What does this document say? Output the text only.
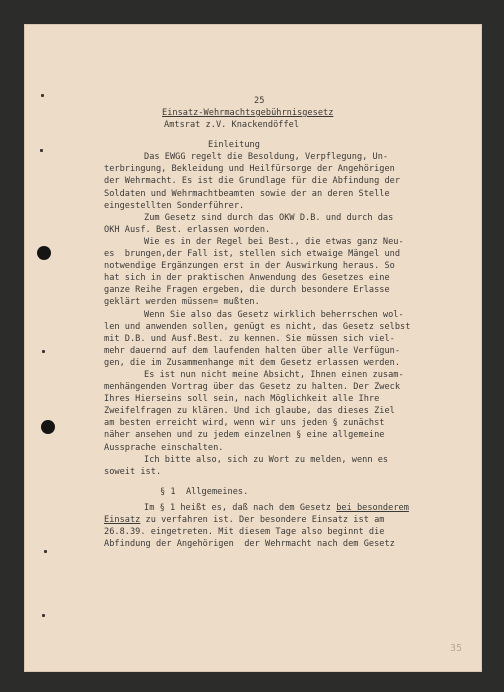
25
Einsatz-Wehrmachtsgebührnisgesetz
Amtsrat z.V. Knackendöffel
Einleitung
Das EWGG regelt die Besoldung, Verpflegung, Un-
terbringung, Bekleidung und Heilfürsorge der Angehörigen
der Wehrmacht. Es ist die Grundlage für die Abfindung der
Soldaten und Wehrmachtbeamten sowie der an deren Stelle
eingestellten Sonderführer.
Zum Gesetz sind durch das OKW D.B. und durch das
OKH Ausf. Best. erlassen worden.
Wie es in der Regel bei Best., die etwas ganz Neu-
es  brungen,der Fall ist, stellen sich etwaige Mängel und
notwendige Ergänzungen erst in der Auswirkung heraus. So
hat sich in der praktischen Anwendung des Gesetzes eine
ganze Reihe Fragen ergeben, die durch besondere Erlasse
geklärt werden müssen= mußten.
Wenn Sie also das Gesetz wirklich beherrschen wol-
len und anwenden sollen, genügt es nicht, das Gesetz selbst
mit D.B. und Ausf.Best. zu kennen. Sie müssen sich viel-
mehr dauernd auf dem laufenden halten über alle Verfügun-
gen, die im Zusammenhange mit dem Gesetz erlassen werden.
Es ist nun nicht meine Absicht, Ihnen einen zusam-
menhängenden Vortrag über das Gesetz zu halten. Der Zweck
Ihres Hierseins soll sein, nach Möglichkeit alle Ihre
Zweifelfragen zu klären. Und ich glaube, das dieses Ziel
am besten erreicht wird, wenn wir uns jeden § zunächst
näher ansehen und zu jedem einzelnen § eine allgemeine
Aussprache einschalten.
Ich bitte also, sich zu Wort zu melden, wenn es
soweit ist.
§ 1  Allgemeines.
Im § 1 heißt es, daß nach dem Gesetz bei besonderem
Einsatz zu verfahren ist. Der besondere Einsatz ist am
26.8.39. eingetreten. Mit diesem Tage also beginnt die
Abfindung der Angehörigen  der Wehrmacht nach dem Gesetz
35
